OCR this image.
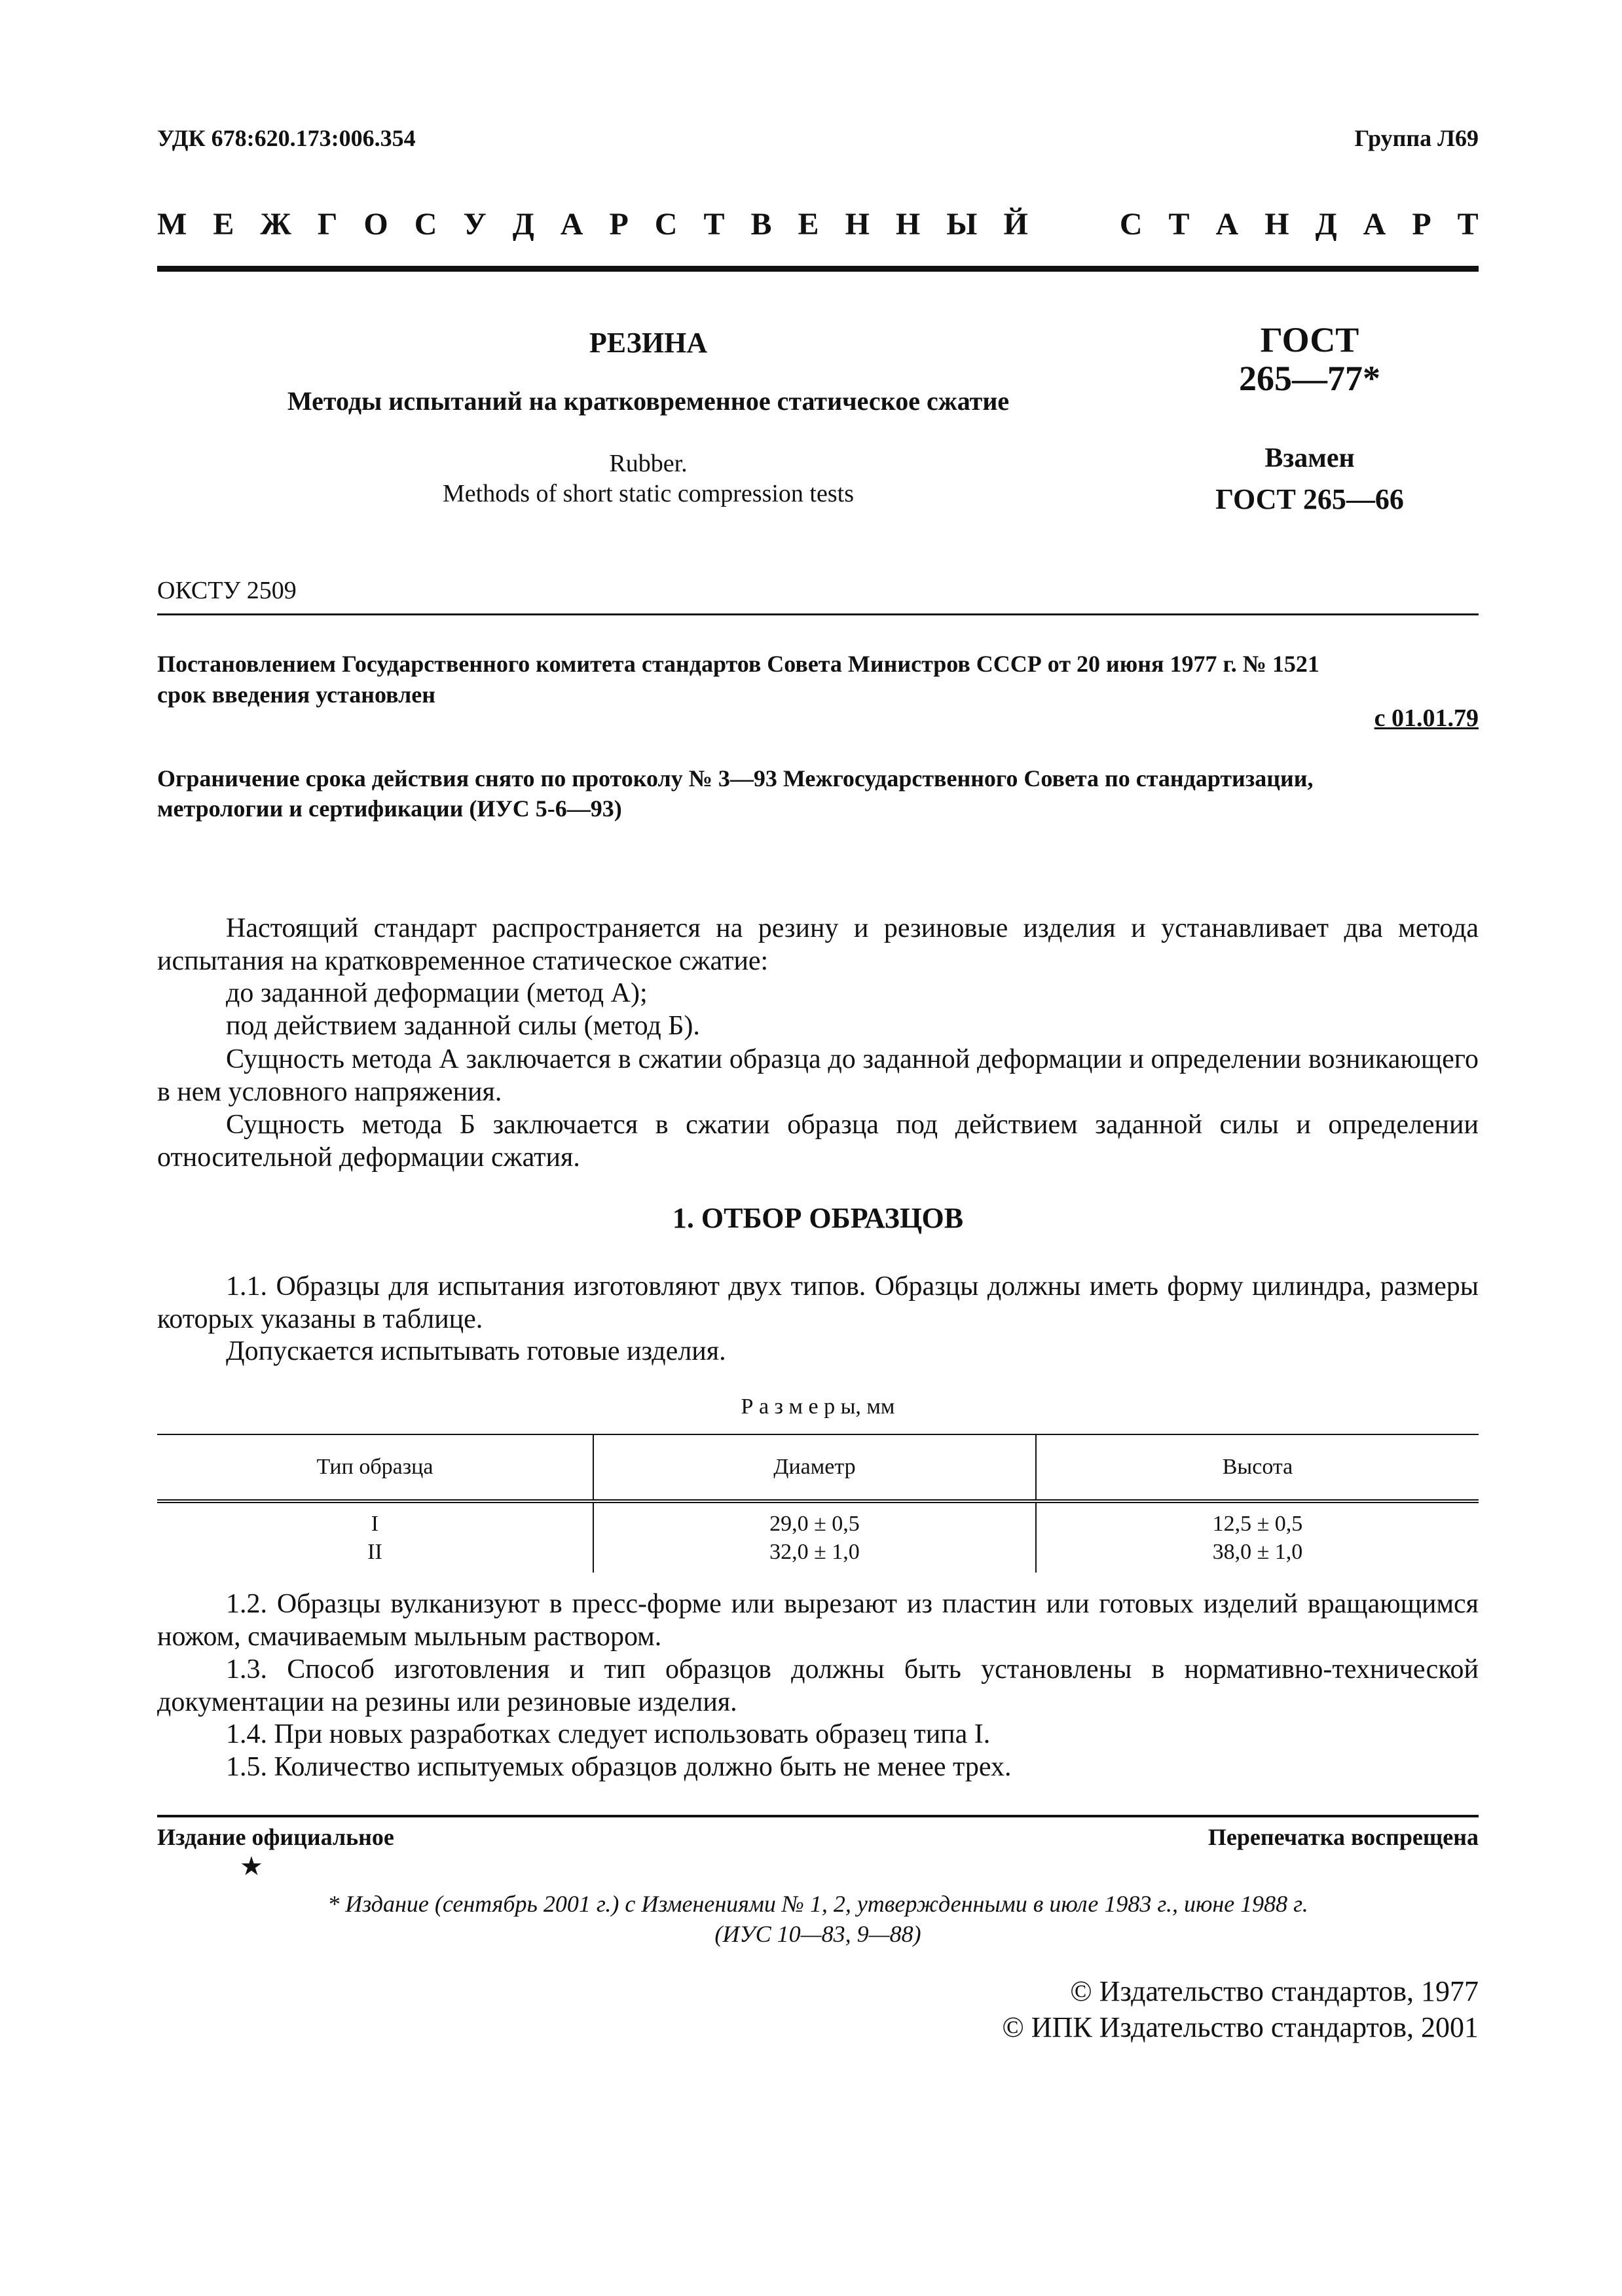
УДК 678:620.173:006.354	Группа Л69
М Е Ж Г О С У Д А Р С Т В Е Н Н Ы Й	С Т А Н Д А Р Т
РЕЗИНА
Методы испытаний на кратковременное статическое сжатие
Rubber.
Methods of short static compression tests
ГОСТ
265—77*
Взамен
ГОСТ 265—66
ОКСТУ 2509
Постановлением Государственного комитета стандартов Совета Министров СССР от 20 июня 1977 г. № 1521
срок введения установлен
с 01.01.79
Ограничение срока действия снято по протоколу № 3—93 Межгосударственного Совета по стандартизации,
метрологии и сертификации (ИУС 5-6—93)
Настоящий стандарт распространяется на резину и резиновые изделия и устанавливает два метода испытания на кратковременное статическое сжатие:
до заданной деформации (метод А);
под действием заданной силы (метод Б).
Сущность метода А заключается в сжатии образца до заданной деформации и определении возникающего в нем условного напряжения.
Сущность метода Б заключается в сжатии образца под действием заданной силы и определении относительной деформации сжатия.
1. ОТБОР ОБРАЗЦОВ
1.1. Образцы для испытания изготовляют двух типов. Образцы должны иметь форму цилиндра, размеры которых указаны в таблице.
Допускается испытывать готовые изделия.
Р а з м е р ы, мм
Тип образца	Диаметр	Высота
I	29,0 ± 0,5	12,5 ± 0,5
II	32,0 ± 1,0	38,0 ± 1,0
1.2. Образцы вулканизуют в пресс-форме или вырезают из пластин или готовых изделий вращающимся ножом, смачиваемым мыльным раствором.
1.3. Способ изготовления и тип образцов должны быть установлены в нормативно-технической документации на резины или резиновые изделия.
1.4. При новых разработках следует использовать образец типа I.
1.5. Количество испытуемых образцов должно быть не менее трех.
Издание официальное	Перепечатка воспрещена
★
* Издание (сентябрь 2001 г.) с Изменениями № 1, 2, утвержденными в июле 1983 г., июне 1988 г.
(ИУС 10—83, 9—88)
© Издательство стандартов, 1977
© ИПК Издательство стандартов, 2001
